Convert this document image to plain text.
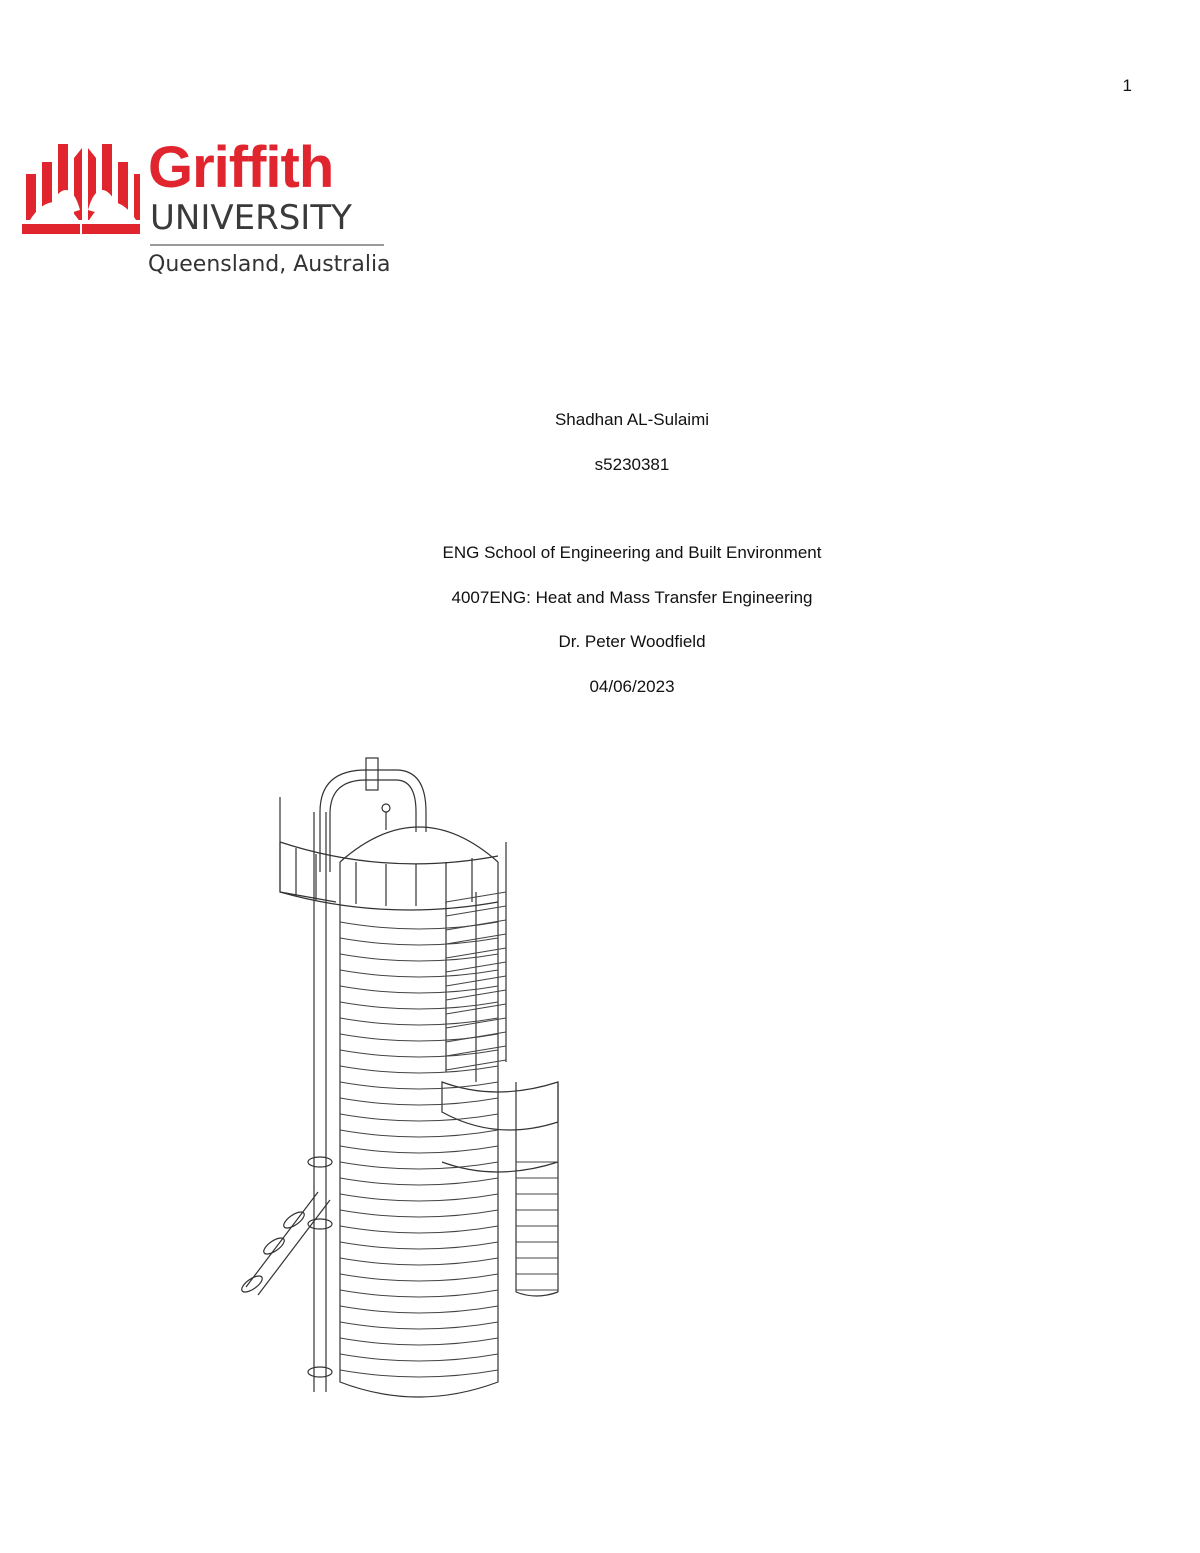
1
Griffith
UNIVERSITY
Queensland, Australia
Shadhan AL-Sulaimi
s5230381
ENG School of Engineering and Built Environment
4007ENG: Heat and Mass Transfer Engineering
Dr. Peter Woodfield
04/06/2023
